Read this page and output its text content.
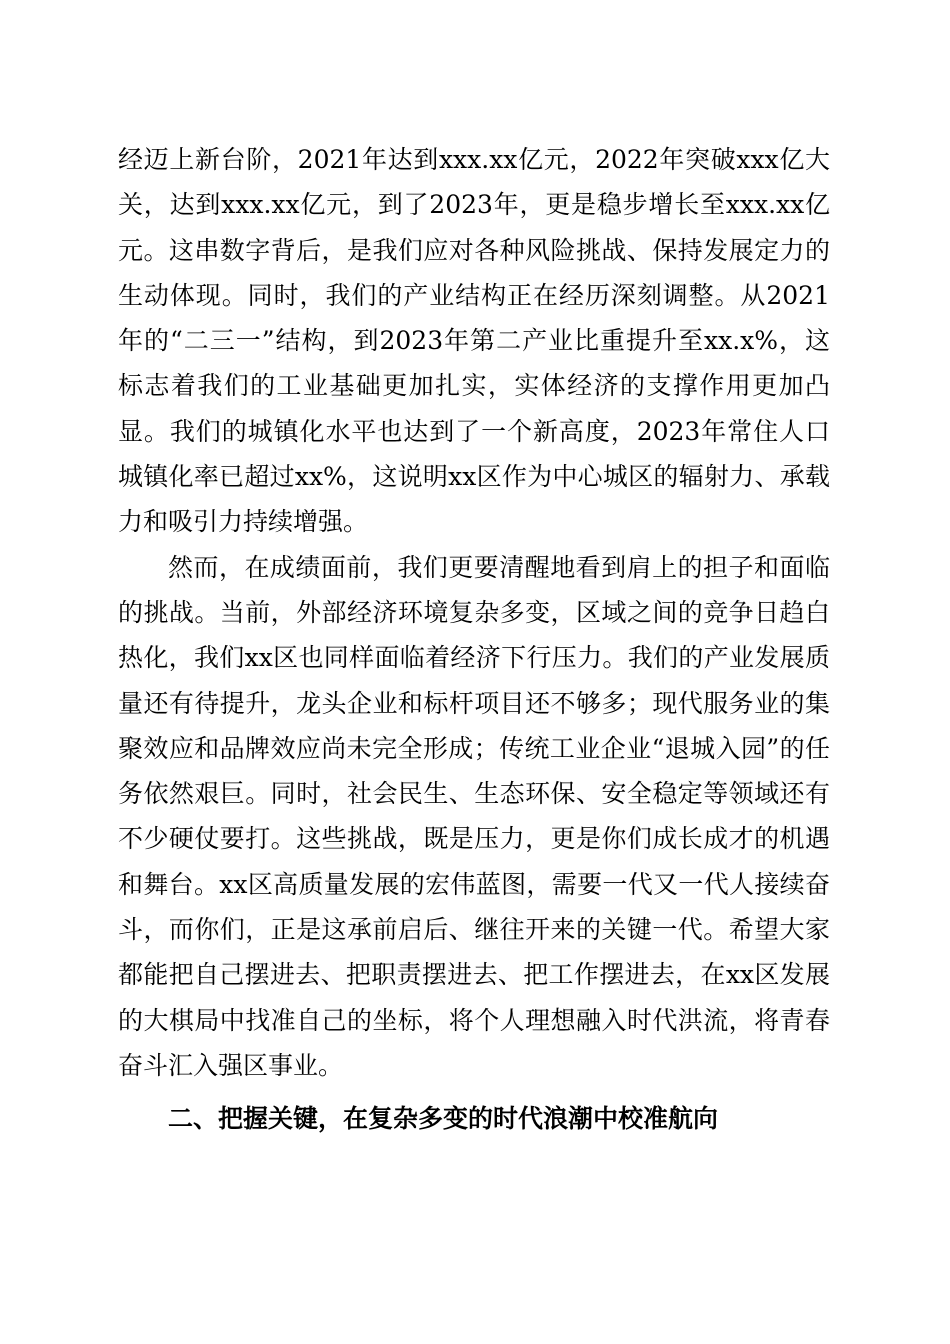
经迈上新台阶，2021年达到xxx.xx亿元，2022年突破xxx亿大关，达到xxx.xx亿元，到了2023年，更是稳步增长至xxx.xx亿元。这串数字背后，是我们应对各种风险挑战、保持发展定力的生动体现。同时，我们的产业结构正在经历深刻调整。从2021年的“二三一”结构，到2023年第二产业比重提升至xx.x%，这标志着我们的工业基础更加扎实，实体经济的支撑作用更加凸显。我们的城镇化水平也达到了一个新高度，2023年常住人口城镇化率已超过xx%，这说明xx区作为中心城区的辐射力、承载力和吸引力持续增强。

然而，在成绩面前，我们更要清醒地看到肩上的担子和面临的挑战。当前，外部经济环境复杂多变，区域之间的竞争日趋白热化，我们xx区也同样面临着经济下行压力。我们的产业发展质量还有待提升，龙头企业和标杆项目还不够多；现代服务业的集聚效应和品牌效应尚未完全形成；传统工业企业“退城入园”的任务依然艰巨。同时，社会民生、生态环保、安全稳定等领域还有不少硬仗要打。这些挑战，既是压力，更是你们成长成才的机遇和舞台。xx区高质量发展的宏伟蓝图，需要一代又一代人接续奋斗，而你们，正是这承前启后、继往开来的关键一代。希望大家都能把自己摆进去、把职责摆进去、把工作摆进去，在xx区发展的大棋局中找准自己的坐标，将个人理想融入时代洪流，将青春奋斗汇入强区事业。

二、把握关键，在复杂多变的时代浪潮中校准航向
